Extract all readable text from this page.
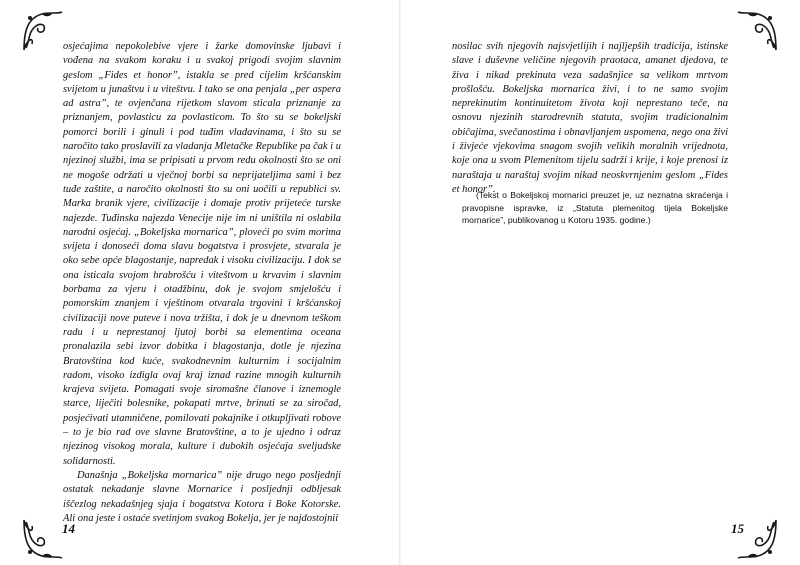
osjećajima nepokolebive vjere i žarke domovinske ljubavi i vođena na svakom koraku i u svakoj prigodi svojim slavnim geslom „Fides et honor”, istakla se pred cijelim kršćanskim svijetom u junaštvu i u viteštvu. I tako se ona penjala „per aspera ad astra”, te ovjenčana rijetkom slavom sticala priznanje za priznanjem, povlasticu za povlasticom. To što su se bokeljski pomorci borili i ginuli i pod tuđim vladavinama, i što su se naročito tako proslavili za vladanja Mletačke Republike pa čak i u njezinoj službi, ima se pripisati u prvom redu okolnosti što se oni ne mogoše održati u vječnoj borbi sa neprijateljima sami i bez tuđe zaštite, a naročito okolnosti što su oni uočili u republici sv. Marka branik vjere, civilizacije i domaje protiv prijeteće turske najezde. Tuđinska najezda Venecije nije im ni uništila ni oslabila narodni osjećaj. „Bokeljska mornarica”, ploveći po svim morima svijeta i donoseći doma slavu bogatstva i prosvjete, stvarala je oko sebe opće blagostanje, napredak i visoku civilizaciju. I dok se ona isticala svojom hrabrošću i viteštvom u krvavim i slavnim borbama za vjeru i otadžbinu, dok je svojom smjelošću i pomorskim znanjem i vještinom otvarala trgovini i kršćanskoj civilizaciji nove puteve i nova tržišta, i dok je u dnevnom teškom radu i u neprestanoj ljutoj borbi sa elementima oceana pronalazila sebi izvor dobitka i blagostanja, dotle je njezina Bratovština kod kuće, svakodnevnim kulturnim i socijalnim radom, visoko izdigla ovaj kraj iznad razine mnogih kulturnih krajeva svijeta. Pomagati svoje siromašne članove i iznemogle starce, liječiti bolesnike, pokapati mrtve, brinuti se za siročad, posjećivati utamničene, pomilovati pokajnike i otkupljivati robove – to je bio rad ove slavne Bratovštine, a to je ujedno i odraz njezinog visokog morala, kulture i dubokih osjećaja sveljudske solidarnosti.

Današnja „Bokeljska mornarica” nije drugo nego posljednji ostatak nekadanje slavne Mornarice i posljednji odbljesak iščezlog nekadašnjeg sjaja i bogatstva Kotora i Boke Kotorske. Ali ona jeste i ostaće svetinjom svakog Bokelja, jer je najdostojnii

14

nosilac svih njegovih najsvjetlijih i najljepših tradicija, istinske slave i duševne veličine njegovih praotaca, amanet djedova, te živa i nikad prekinuta veza sadašnjice sa velikom mrtvom prošlošću. Bokeljska mornarica živi, i to ne samo svojim neprekinutim kontinuitetom života koji neprestano teče, na osnovu njezinih starodrevnih statuta, svojim tradicionalnim običajima, svečanostima i obnavljanjem uspomena, nego ona živi i živjeće vjekovima snagom svojih velikih moralnih vrijednota, koje ona u svom Plemenitom tijelu sadrži i krije, i koje prenosi iz naraštaja u naraštaj svojim nikad neoskvrnjenim geslom „Fides et honor”.

(Tekst o Bokeljskoj mornarici preuzet je, uz neznatna skraćenja i pravopisne ispravke, iz „Statuta plemenitog tijela Bokeljske mornarice”, publikovanog u Kotoru 1935. godine.)
15
